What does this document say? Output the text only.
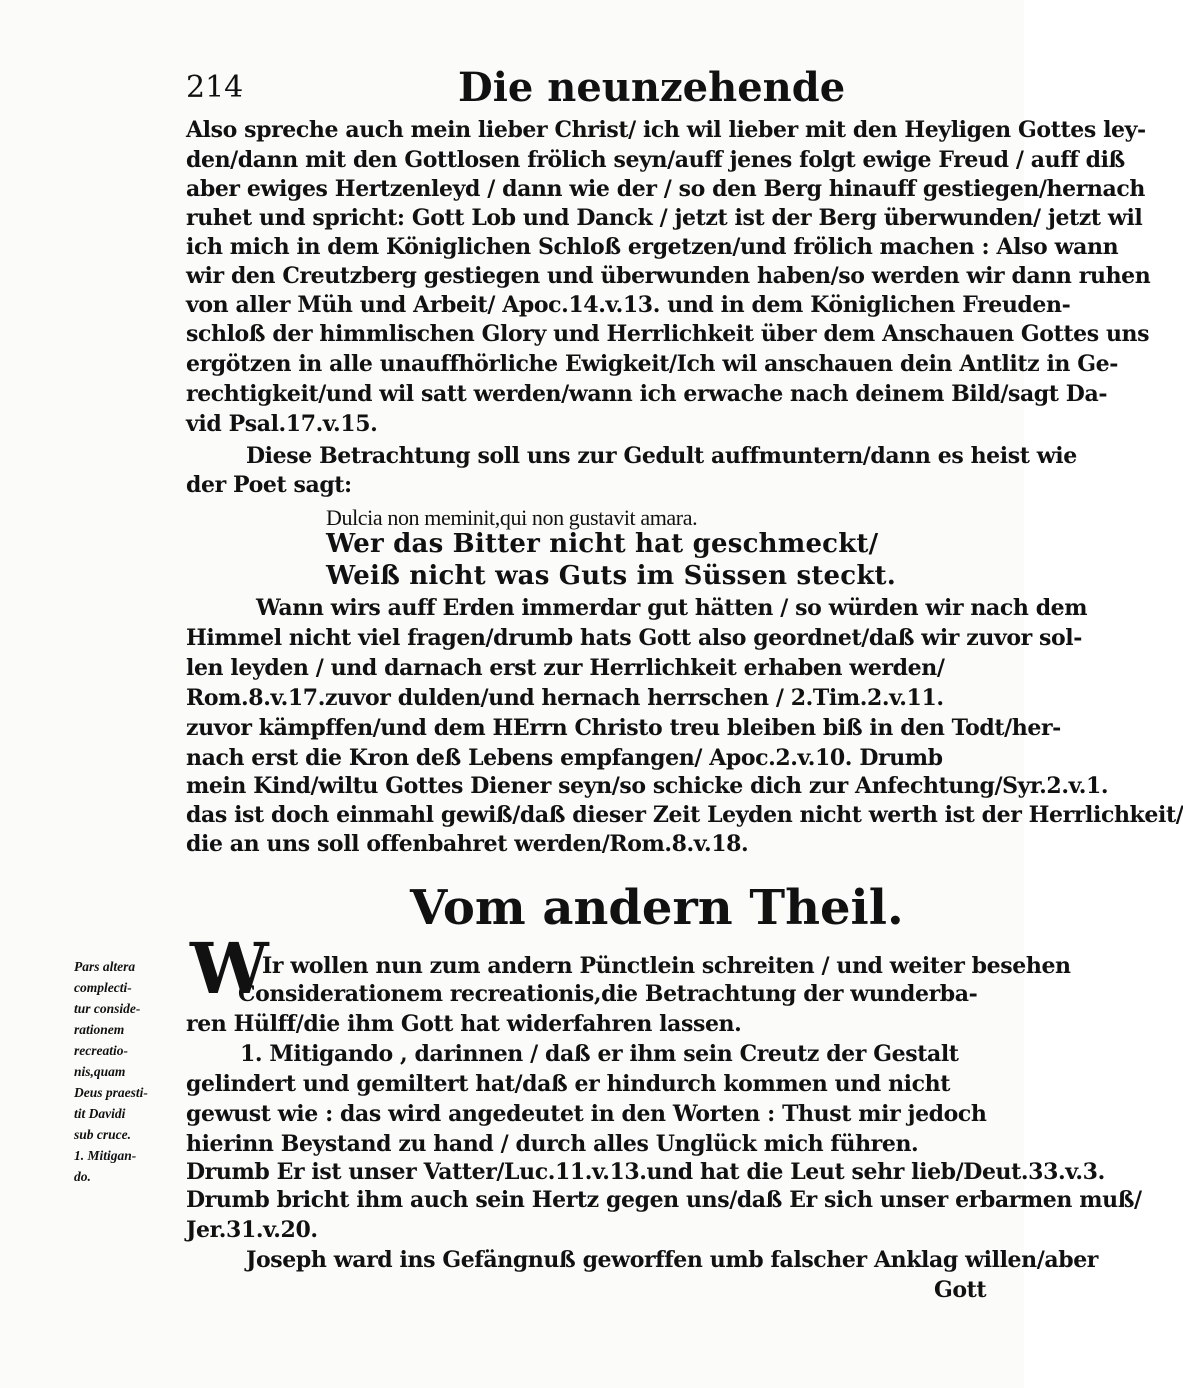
214	Die neunzehende
Also spreche auch mein lieber Christ/ ich wil lieber mit den Heyligen Gottes ley-
den/dann mit den Gottlosen frölich seyn/auff jenes folgt ewige Freud / auff diß
aber ewiges Hertzenleyd / dann wie der / so den Berg hinauff gestiegen/hernach
ruhet und spricht: Gott Lob und Danck / jetzt ist der Berg überwunden/ jetzt wil
ich mich in dem Königlichen Schloß ergetzen/und frölich machen : Also wann
wir den Creutzberg gestiegen und überwunden haben/so werden wir dann ruhen
von aller Müh und Arbeit/ Apoc.14.v.13. und in dem Königlichen Freuden-
schloß der himmlischen Glory und Herrlichkeit über dem Anschauen Gottes uns
ergötzen in alle unauffhörliche Ewigkeit/Ich wil anschauen dein Antlitz in Ge-
rechtigkeit/und wil satt werden/wann ich erwache nach deinem Bild/sagt Da-
vid Psal.17.v.15.
Diese Betrachtung soll uns zur Gedult auffmuntern/dann es heist wie
der Poet sagt:
Dulcia non meminit,qui non gustavit amara.
Wer das Bitter nicht hat geschmeckt/
Weiß nicht was Guts im Süssen steckt.
Wann wirs auff Erden immerdar gut hätten / so würden wir nach dem
Himmel nicht viel fragen/drumb hats Gott also geordnet/daß wir zuvor sol-
len leyden / und darnach erst zur Herrlichkeit erhaben werden/
Rom.8.v.17.zuvor dulden/und hernach herrschen / 2.Tim.2.v.11.
zuvor kämpffen/und dem HErrn Christo treu bleiben biß in den Todt/her-
nach erst die Kron deß Lebens empfangen/ Apoc.2.v.10. Drumb
mein Kind/wiltu Gottes Diener seyn/so schicke dich zur Anfechtung/Syr.2.v.1.
das ist doch einmahl gewiß/daß dieser Zeit Leyden nicht werth ist der Herrlichkeit/
die an uns soll offenbahret werden/Rom.8.v.18.
Vom andern Theil.
W
Ir wollen nun zum andern Pünctlein schreiten / und weiter besehen
Considerationem recreationis,die Betrachtung der wunderba-
ren Hülff/die ihm Gott hat widerfahren lassen.
1. Mitigando , darinnen / daß er ihm sein Creutz der Gestalt
gelindert und gemiltert hat/daß er hindurch kommen und nicht
gewust wie : das wird angedeutet in den Worten : Thust mir jedoch
hierinn Beystand zu hand / durch alles Unglück mich führen.
Drumb Er ist unser Vatter/Luc.11.v.13.und hat die Leut sehr lieb/Deut.33.v.3.
Drumb bricht ihm auch sein Hertz gegen uns/daß Er sich unser erbarmen muß/
Jer.31.v.20.
Joseph ward ins Gefängnuß geworffen umb falscher Anklag willen/aber
Gott
Pars altera
complecti-
tur conside-
rationem
recreatio-
nis,quam
Deus praesti-
tit Davidi
sub cruce.
1. Mitigan-
do.
